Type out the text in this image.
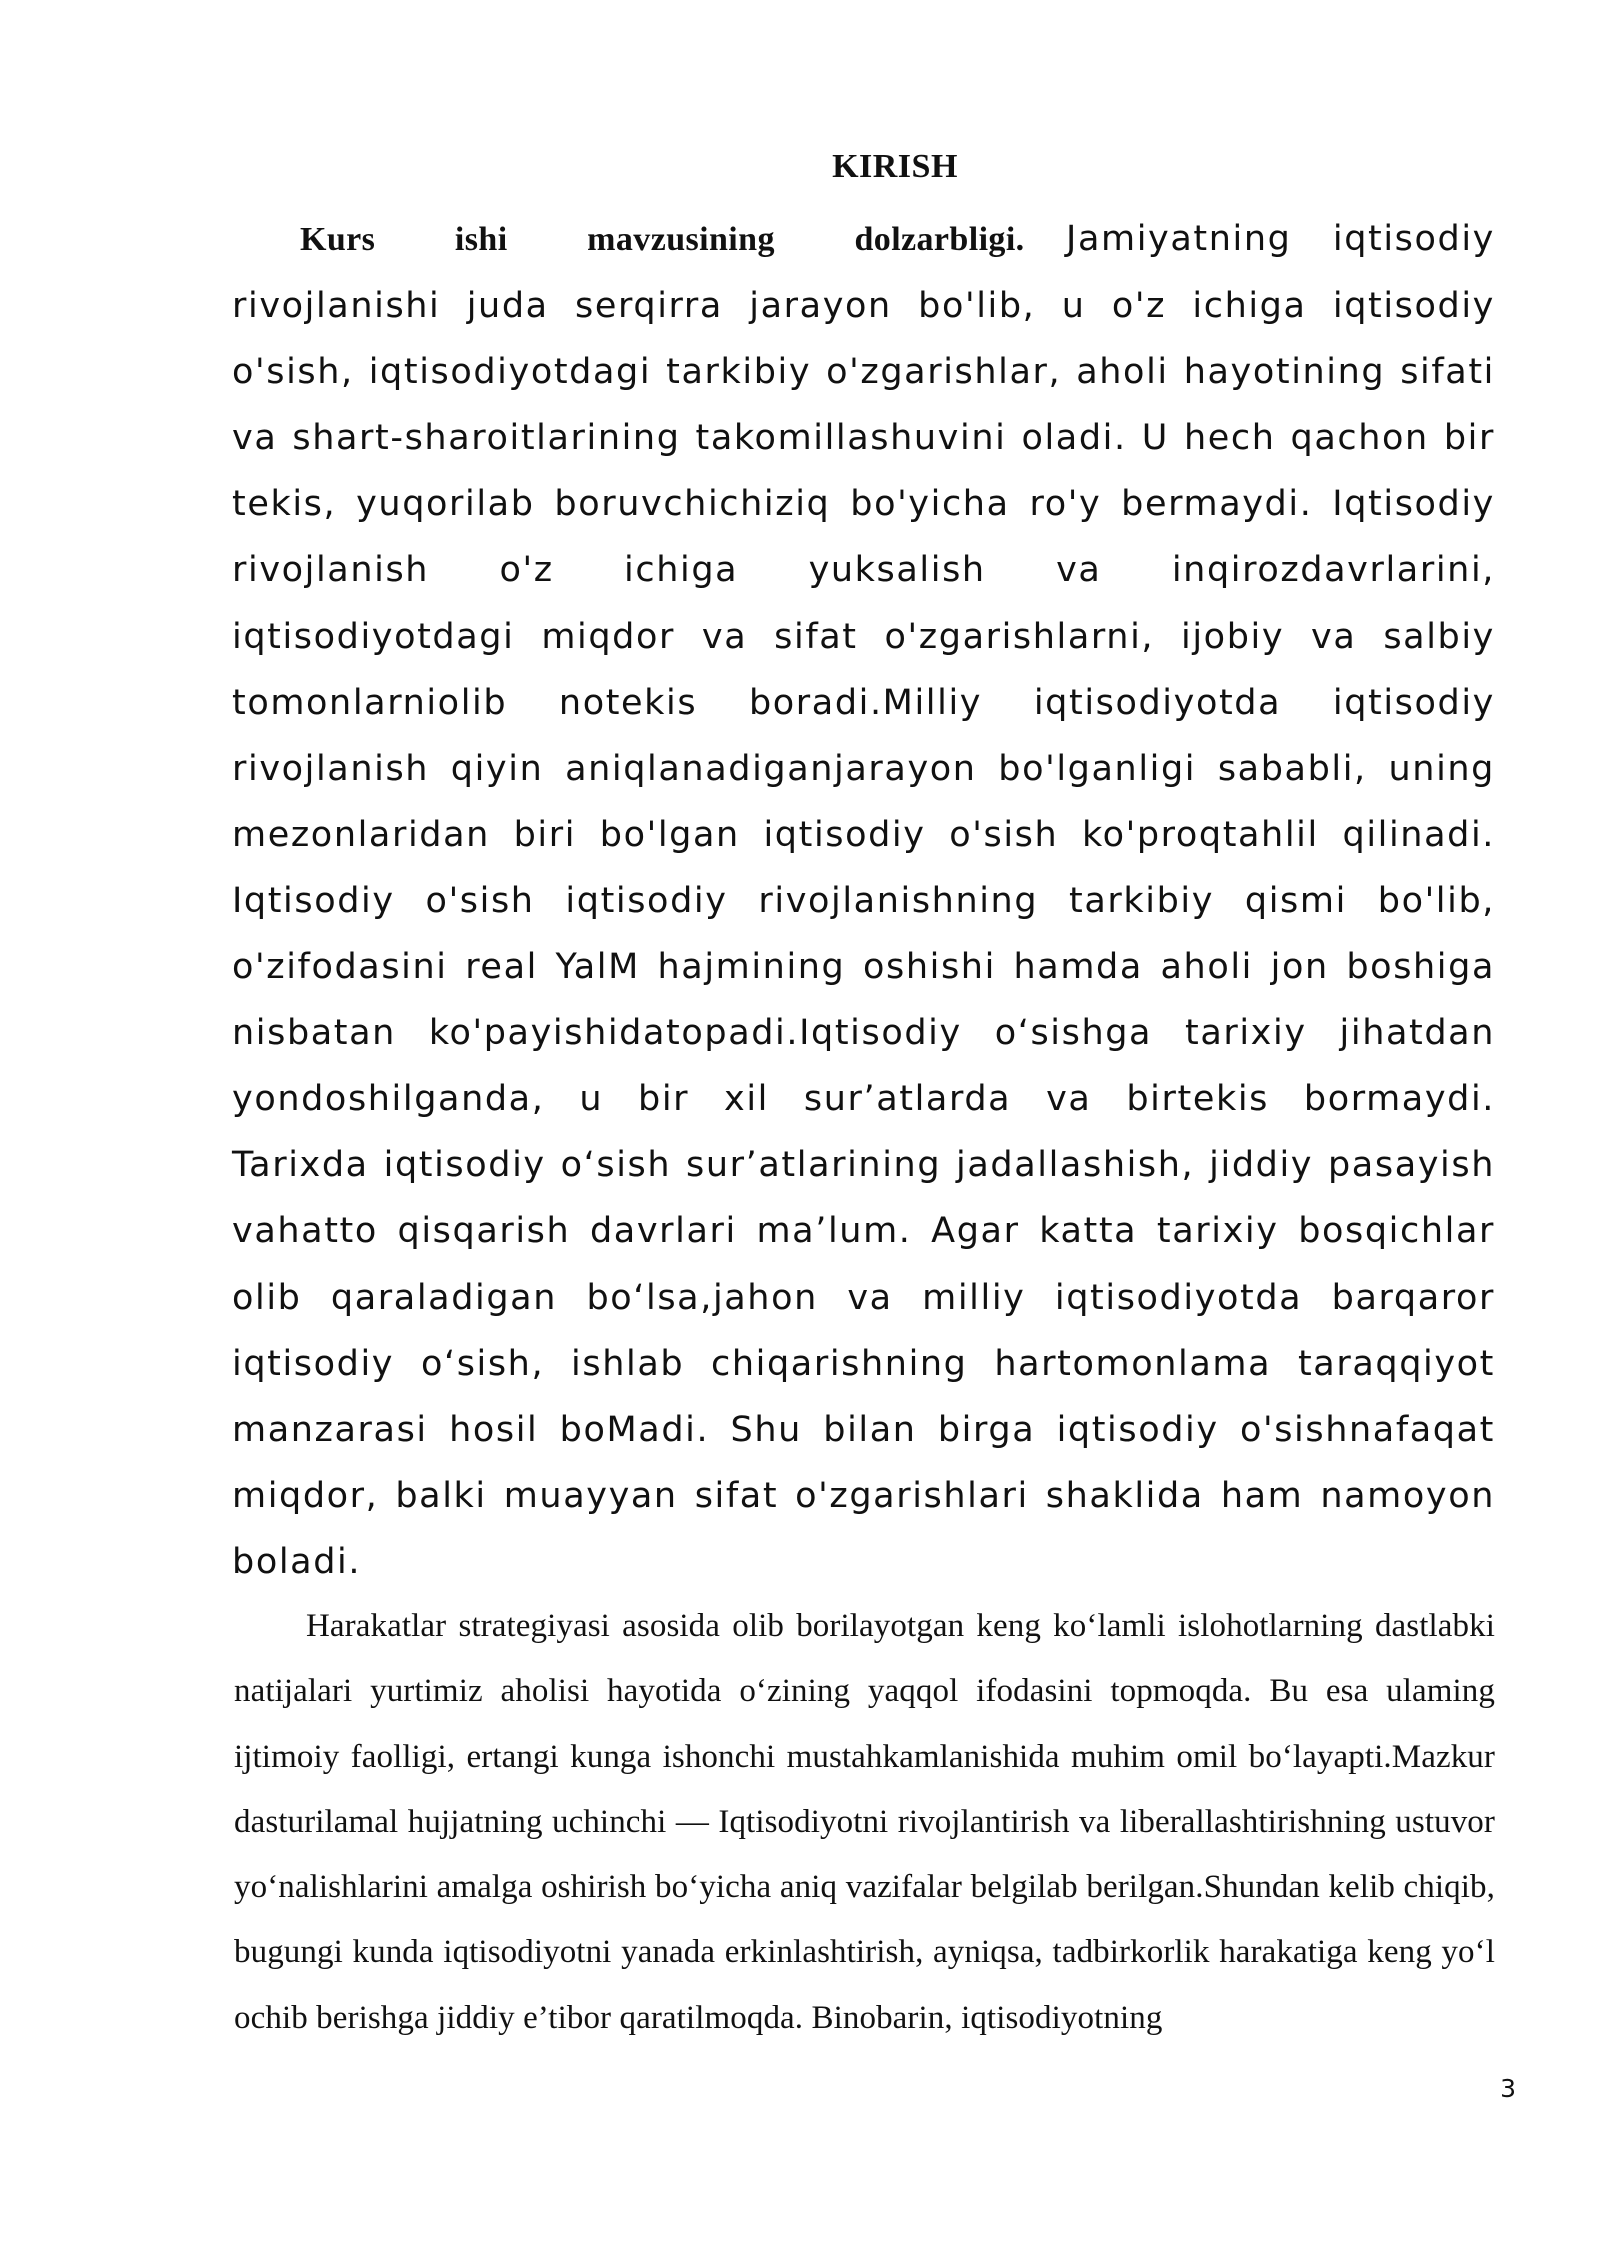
KIRISH

Kurs ishi mavzusining dolzarbligi. Jamiyatning iqtisodiy rivojlanishi juda serqirra jarayon bo'lib, u o'z ichiga iqtisodiy o'sish, iqtisodiyotdagi tarkibiy o'zgarishlar, aholi hayotining sifati va shart-sharoitlarining takomillashuvini oladi. U hech qachon bir tekis, yuqorilab boruvchichiziq bo'yicha ro'y bermaydi. Iqtisodiy rivojlanish o'z ichiga yuksalish va inqirozdavrlarini, iqtisodiyotdagi miqdor va sifat o'zgarishlarni, ijobiy va salbiy tomonlarniolib notekis boradi.Milliy iqtisodiyotda iqtisodiy rivojlanish qiyin aniqlanadiganjarayon bo'lganligi sababli, uning mezonlaridan biri bo'lgan iqtisodiy o'sish ko'proqtahlil qilinadi. Iqtisodiy o'sish iqtisodiy rivojlanishning tarkibiy qismi bo'lib, o'zifodasini real YalM hajmining oshishi hamda aholi jon boshiga nisbatan ko'payishidatopadi.Iqtisodiy o‘sishga tarixiy jihatdan yondoshilganda, u bir xil sur’atlarda va birtekis bormaydi. Tarixda iqtisodiy o‘sish sur’atlarining jadallashish, jiddiy pasayish vahatto qisqarish davrlari ma’lum. Agar katta tarixiy bosqichlar olib qaraladigan bo‘lsa,jahon va milliy iqtisodiyotda barqaror iqtisodiy o‘sish, ishlab chiqarishning hartomonlama taraqqiyot manzarasi hosil boMadi. Shu bilan birga iqtisodiy o'sishnafaqat miqdor, balki muayyan sifat o'zgarishlari shaklida ham namoyon boladi.

Harakatlar strategiyasi asosida olib borilayotgan keng ko‘lamli islohotlarning dastlabki natijalari yurtimiz aholisi hayotida o‘zining yaqqol ifodasini topmoqda. Bu esa ulaming ijtimoiy faolligi, ertangi kunga ishonchi mustahkamlanishida muhim omil bo‘layapti.Mazkur dasturilamal hujjatning uchinchi — Iqtisodiyotni rivojlantirish va liberallashtirishning ustuvor yo‘nalishlarini amalga oshirish bo‘yicha aniq vazifalar belgilab berilgan.Shundan kelib chiqib, bugungi kunda iqtisodiyotni yanada erkinlashtirish, ayniqsa, tadbirkorlik harakatiga keng yo‘l ochib berishga jiddiy e’tibor qaratilmoqda. Binobarin, iqtisodiyotning

3
